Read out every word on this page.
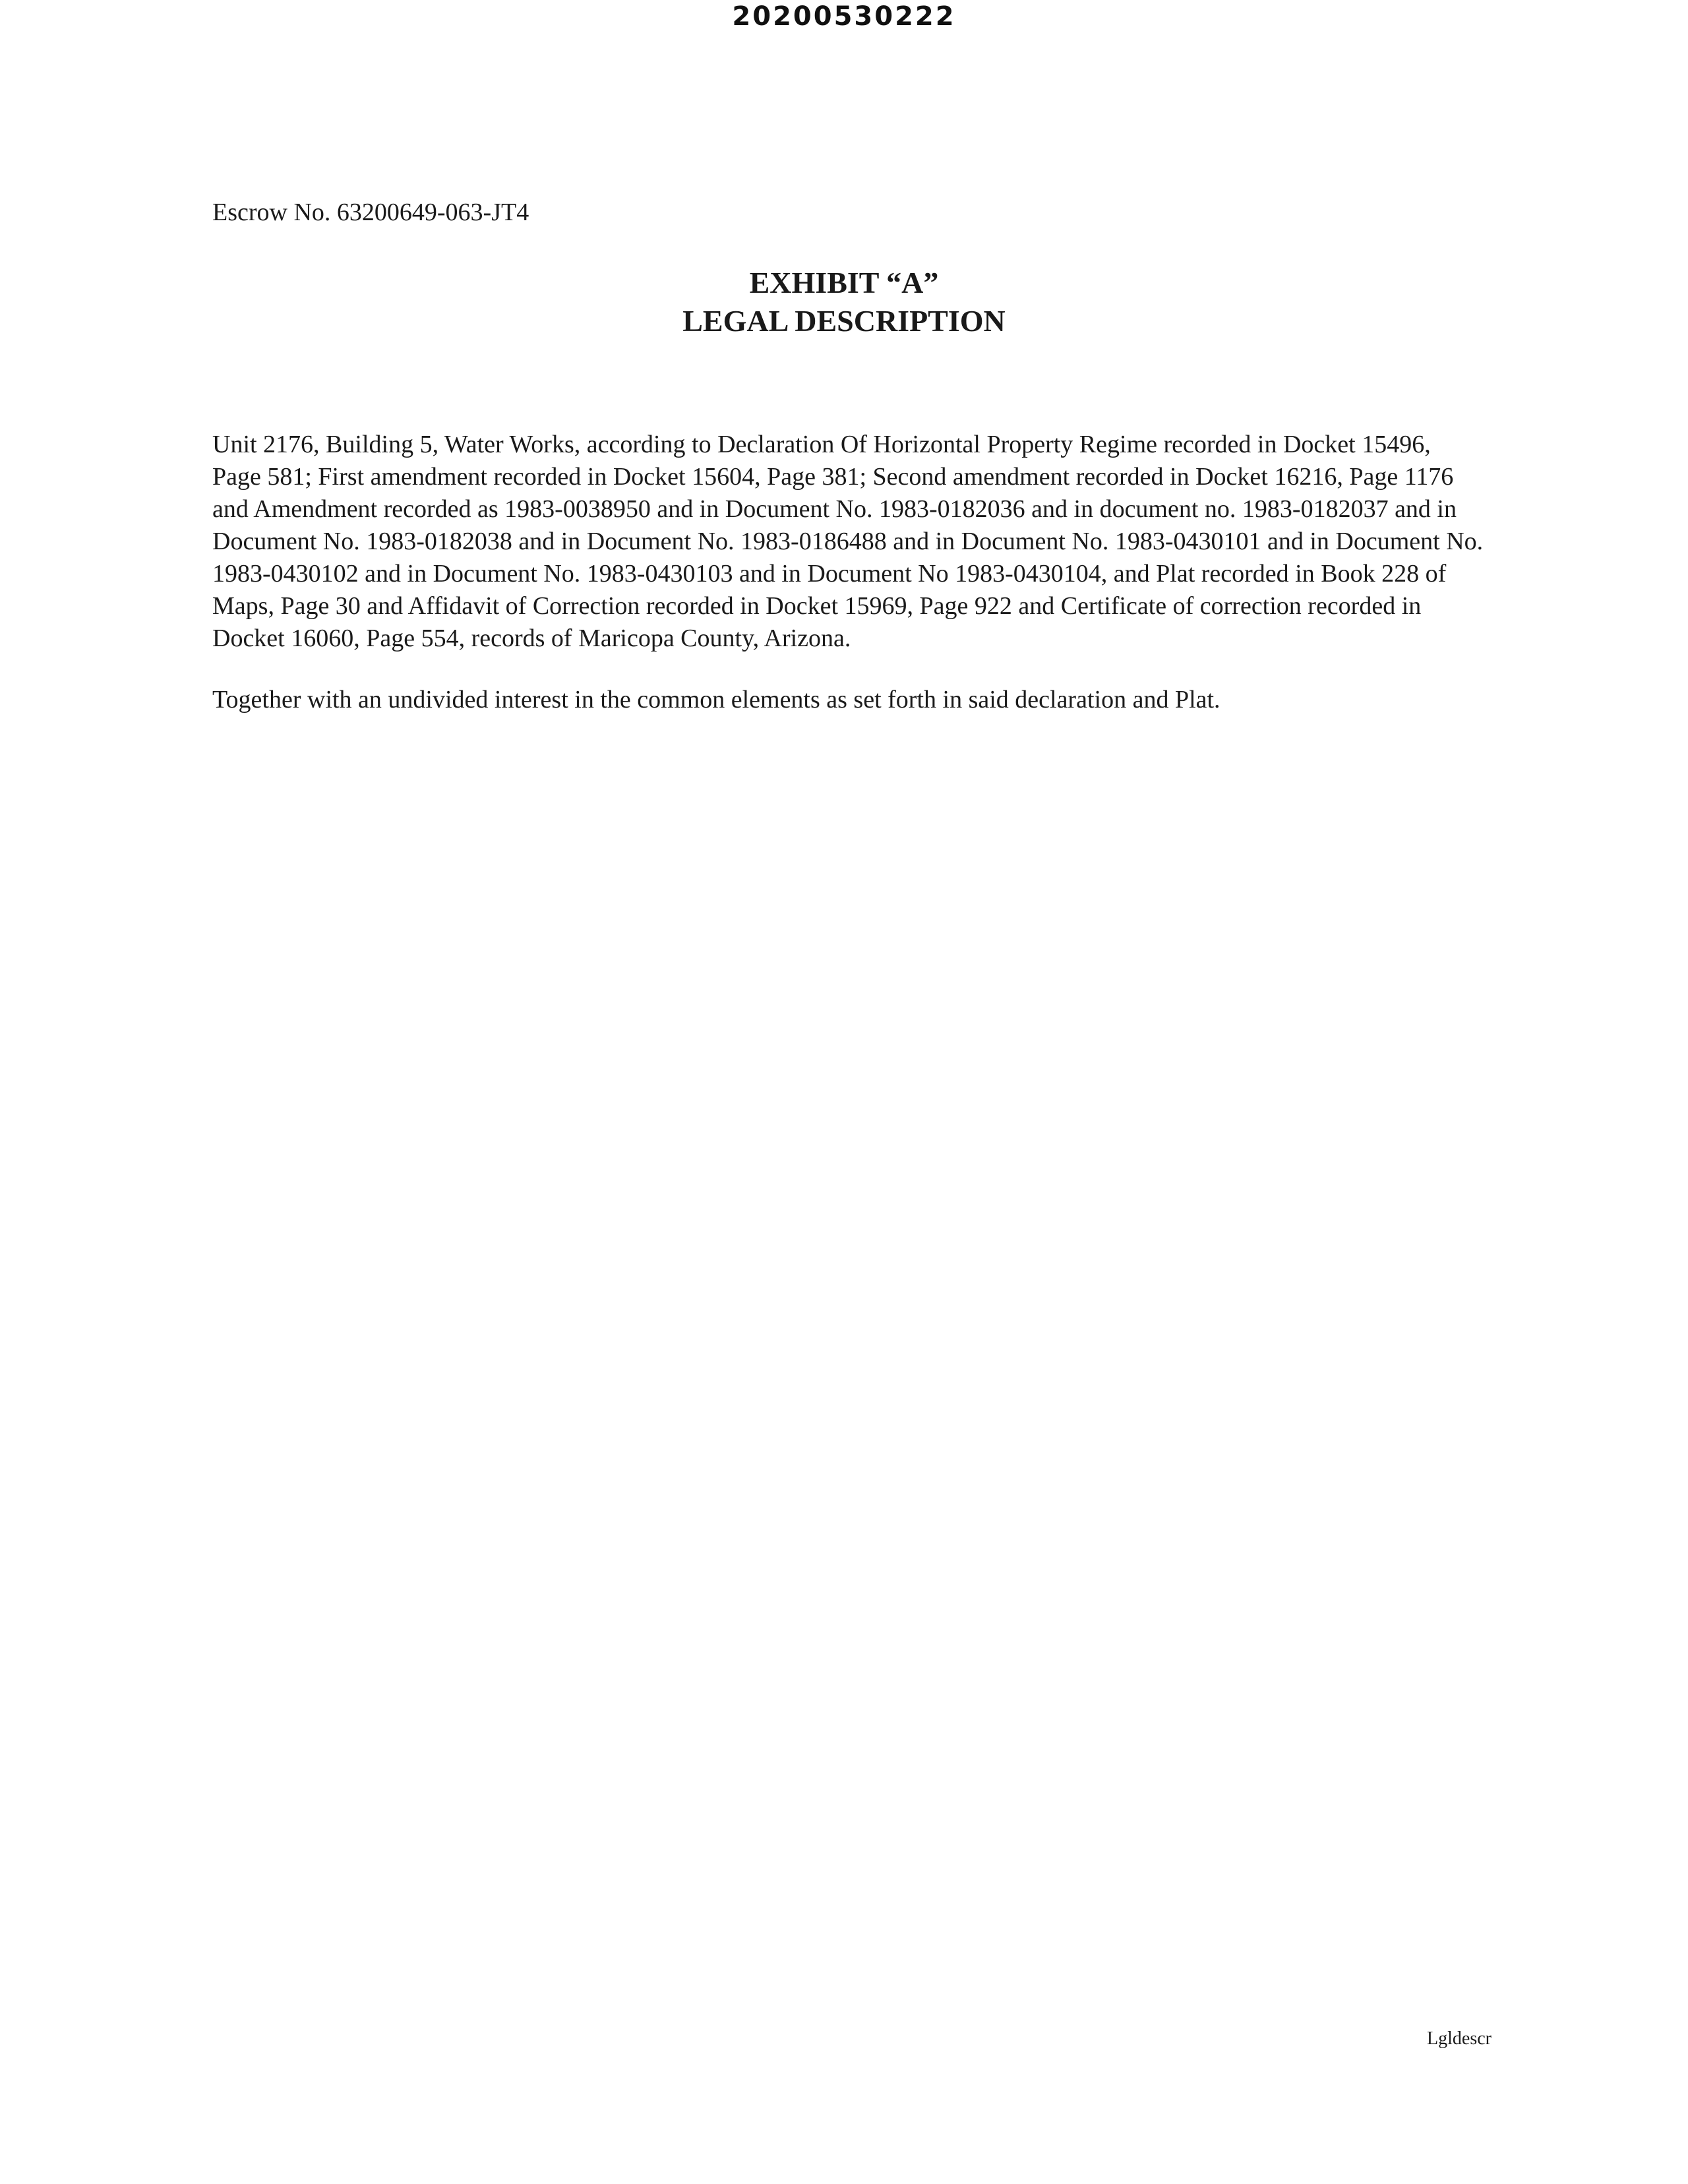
20200530222
Escrow No. 63200649-063-JT4
EXHIBIT “A”
LEGAL DESCRIPTION

Unit 2176, Building 5, Water Works, according to Declaration Of Horizontal Property Regime recorded in Docket 15496, Page 581; First amendment recorded in Docket 15604, Page 381; Second amendment recorded in Docket 16216, Page 1176 and Amendment recorded as 1983-0038950 and in Document No. 1983-0182036 and in document no. 1983-0182037 and in Document No. 1983-0182038 and in Document No. 1983-0186488 and in Document No. 1983-0430101 and in Document No. 1983-0430102 and in Document No. 1983-0430103 and in Document No 1983-0430104, and Plat recorded in Book 228 of Maps, Page 30 and Affidavit of Correction recorded in Docket 15969, Page 922 and Certificate of correction recorded in Docket 16060, Page 554, records of Maricopa County, Arizona.

Together with an undivided interest in the common elements as set forth in said declaration and Plat.

Lgldescr
